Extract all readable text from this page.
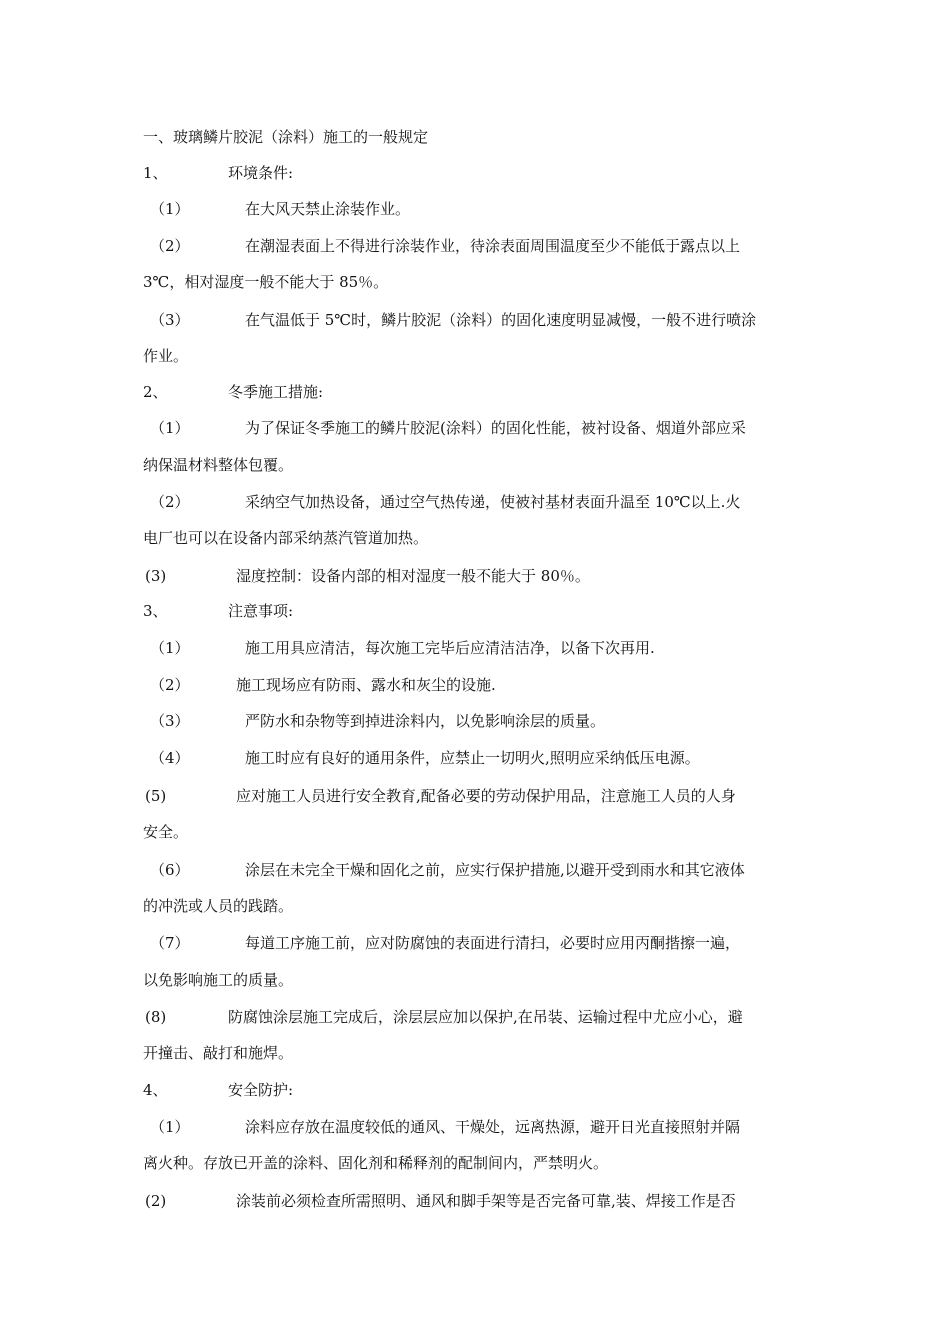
一、玻璃鳞片胶泥（涂料）施工的一般规定
1、	环境条件:
（1）	在大风天禁止涂装作业。
（2）	在潮湿表面上不得进行涂装作业，待涂表面周围温度至少不能低于露点以上
3℃，相对湿度一般不能大于 85％。
（3）	在气温低于 5℃时，鳞片胶泥（涂料）的固化速度明显减慢，一般不进行喷涂
作业。
2、	冬季施工措施:
（1）	为了保证冬季施工的鳞片胶泥(涂料）的固化性能，被衬设备、烟道外部应采
纳保温材料整体包覆。
（2）	采纳空气加热设备，通过空气热传递，使被衬基材表面升温至 10℃以上.火
电厂也可以在设备内部采纳蒸汽管道加热。
(3)	湿度控制：设备内部的相对湿度一般不能大于 80％。
3、	注意事项:
（1）	施工用具应清洁，每次施工完毕后应清洁洁净，以备下次再用.
（2）	施工现场应有防雨、露水和灰尘的设施.
（3）	严防水和杂物等到掉进涂料内，以免影响涂层的质量。
（4）	施工时应有良好的通用条件，应禁止一切明火,照明应采纳低压电源。
(5)	应对施工人员进行安全教育,配备必要的劳动保护用品，注意施工人员的人身
安全。
（6）	涂层在未完全干燥和固化之前，应实行保护措施,以避开受到雨水和其它液体
的冲洗或人员的践踏。
（7）	每道工序施工前，应对防腐蚀的表面进行清扫，必要时应用丙酮揩擦一遍，
以免影响施工的质量。
(8)	防腐蚀涂层施工完成后，涂层层应加以保护,在吊装、运输过程中尤应小心，避
开撞击、敲打和施焊。
4、	安全防护:
（1）	涂料应存放在温度较低的通风、干燥处，远离热源，避开日光直接照射并隔
离火种。存放已开盖的涂料、固化剂和稀释剂的配制间内，严禁明火。
(2)	涂装前必须检查所需照明、通风和脚手架等是否完备可靠,装、焊接工作是否
